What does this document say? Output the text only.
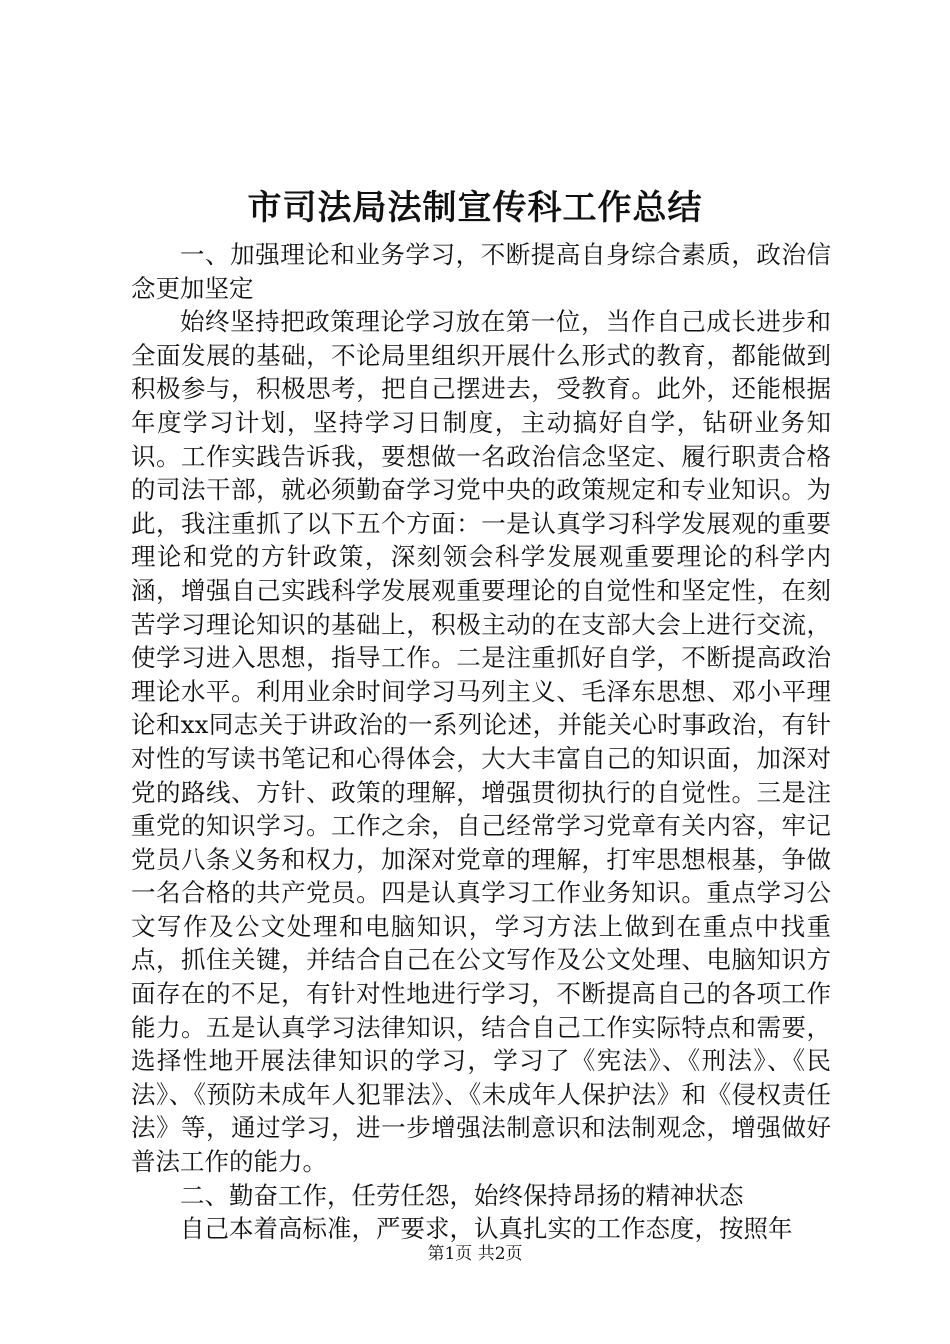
市司法局法制宣传科工作总结

一、加强理论和业务学习，不断提高自身综合素质，政治信念更加坚定

始终坚持把政策理论学习放在第一位，当作自己成长进步和全面发展的基础，不论局里组织开展什么形式的教育，都能做到积极参与，积极思考，把自己摆进去，受教育。此外，还能根据年度学习计划，坚持学习日制度，主动搞好自学，钻研业务知识。工作实践告诉我，要想做一名政治信念坚定、履行职责合格的司法干部，就必须勤奋学习党中央的政策规定和专业知识。为此，我注重抓了以下五个方面：一是认真学习科学发展观的重要理论和党的方针政策，深刻领会科学发展观重要理论的科学内涵，增强自己实践科学发展观重要理论的自觉性和坚定性，在刻苦学习理论知识的基础上，积极主动的在支部大会上进行交流，使学习进入思想，指导工作。二是注重抓好自学，不断提高政治理论水平。利用业余时间学习马列主义、毛泽东思想、邓小平理论和xx同志关于讲政治的一系列论述，并能关心时事政治，有针对性的写读书笔记和心得体会，大大丰富自己的知识面，加深对党的路线、方针、政策的理解，增强贯彻执行的自觉性。三是注重党的知识学习。工作之余，自己经常学习党章有关内容，牢记党员八条义务和权力，加深对党章的理解，打牢思想根基，争做一名合格的共产党员。四是认真学习工作业务知识。重点学习公文写作及公文处理和电脑知识，学习方法上做到在重点中找重点，抓住关键，并结合自己在公文写作及公文处理、电脑知识方面存在的不足，有针对性地进行学习，不断提高自己的各项工作能力。五是认真学习法律知识，结合自己工作实际特点和需要，选择性地开展法律知识的学习，学习了《宪法》、《刑法》、《民法》、《预防未成年人犯罪法》、《未成年人保护法》和《侵权责任法》等，通过学习，进一步增强法制意识和法制观念，增强做好普法工作的能力。

二、勤奋工作，任劳任怨，始终保持昂扬的精神状态

自己本着高标准，严要求，认真扎实的工作态度，按照年

第1页 共2页
